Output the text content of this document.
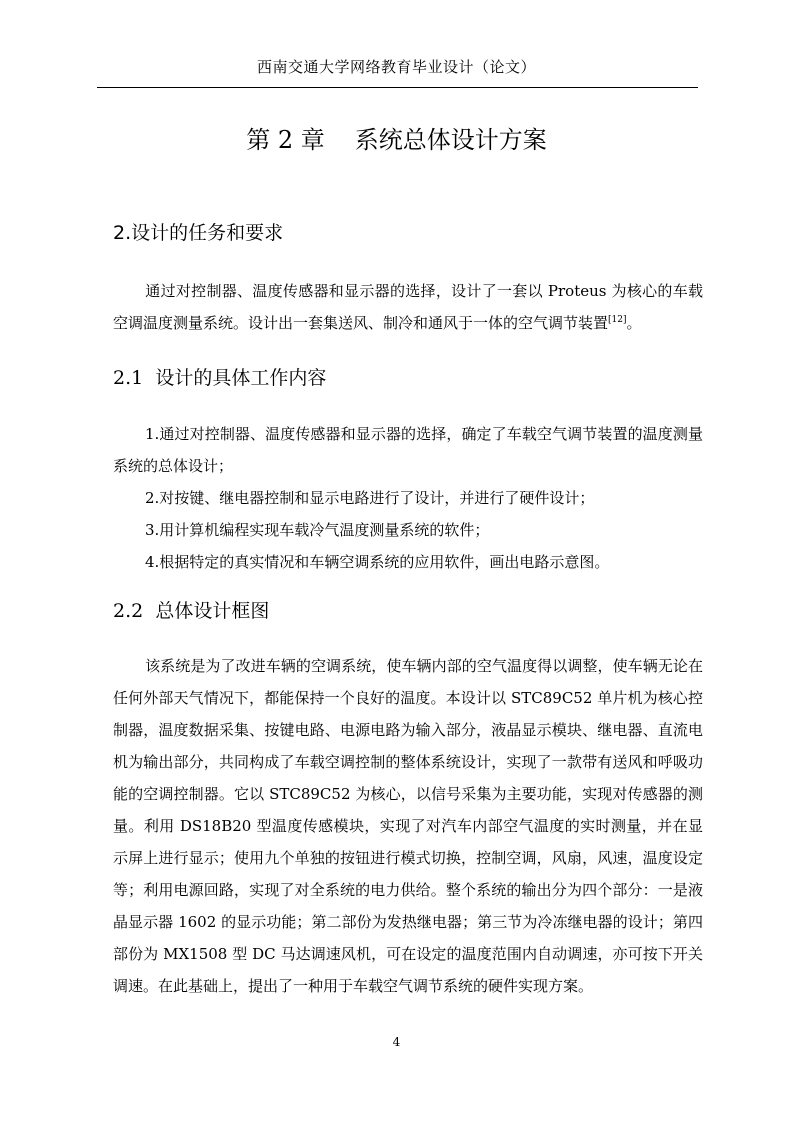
西南交通大学网络教育毕业设计（论文）
第 2 章 系统总体设计方案
2.设计的任务和要求
通过对控制器、温度传感器和显示器的选择，设计了一套以 Proteus 为核心的车载空调温度测量系统。设计出一套集送风、制冷和通风于一体的空气调节装置[12]。
2.1 设计的具体工作内容
1.通过对控制器、温度传感器和显示器的选择，确定了车载空气调节装置的温度测量系统的总体设计；
2.对按键、继电器控制和显示电路进行了设计，并进行了硬件设计；
3.用计算机编程实现车载冷气温度测量系统的软件；
4.根据特定的真实情况和车辆空调系统的应用软件，画出电路示意图。
2.2 总体设计框图
该系统是为了改进车辆的空调系统，使车辆内部的空气温度得以调整，使车辆无论在任何外部天气情况下，都能保持一个良好的温度。本设计以 STC89C52 单片机为核心控制器，温度数据采集、按键电路、电源电路为输入部分，液晶显示模块、继电器、直流电机为输出部分，共同构成了车载空调控制的整体系统设计，实现了一款带有送风和呼吸功能的空调控制器。它以 STC89C52 为核心，以信号采集为主要功能，实现对传感器的测量。利用 DS18B20 型温度传感模块，实现了对汽车内部空气温度的实时测量，并在显示屏上进行显示；使用九个单独的按钮进行模式切换，控制空调，风扇，风速，温度设定等；利用电源回路，实现了对全系统的电力供给。整个系统的输出分为四个部分：一是液晶显示器 1602 的显示功能；第二部份为发热继电器；第三节为冷冻继电器的设计；第四部份为 MX1508 型 DC 马达调速风机，可在设定的温度范围内自动调速，亦可按下开关调速。在此基础上，提出了一种用于车载空气调节系统的硬件实现方案。
4
